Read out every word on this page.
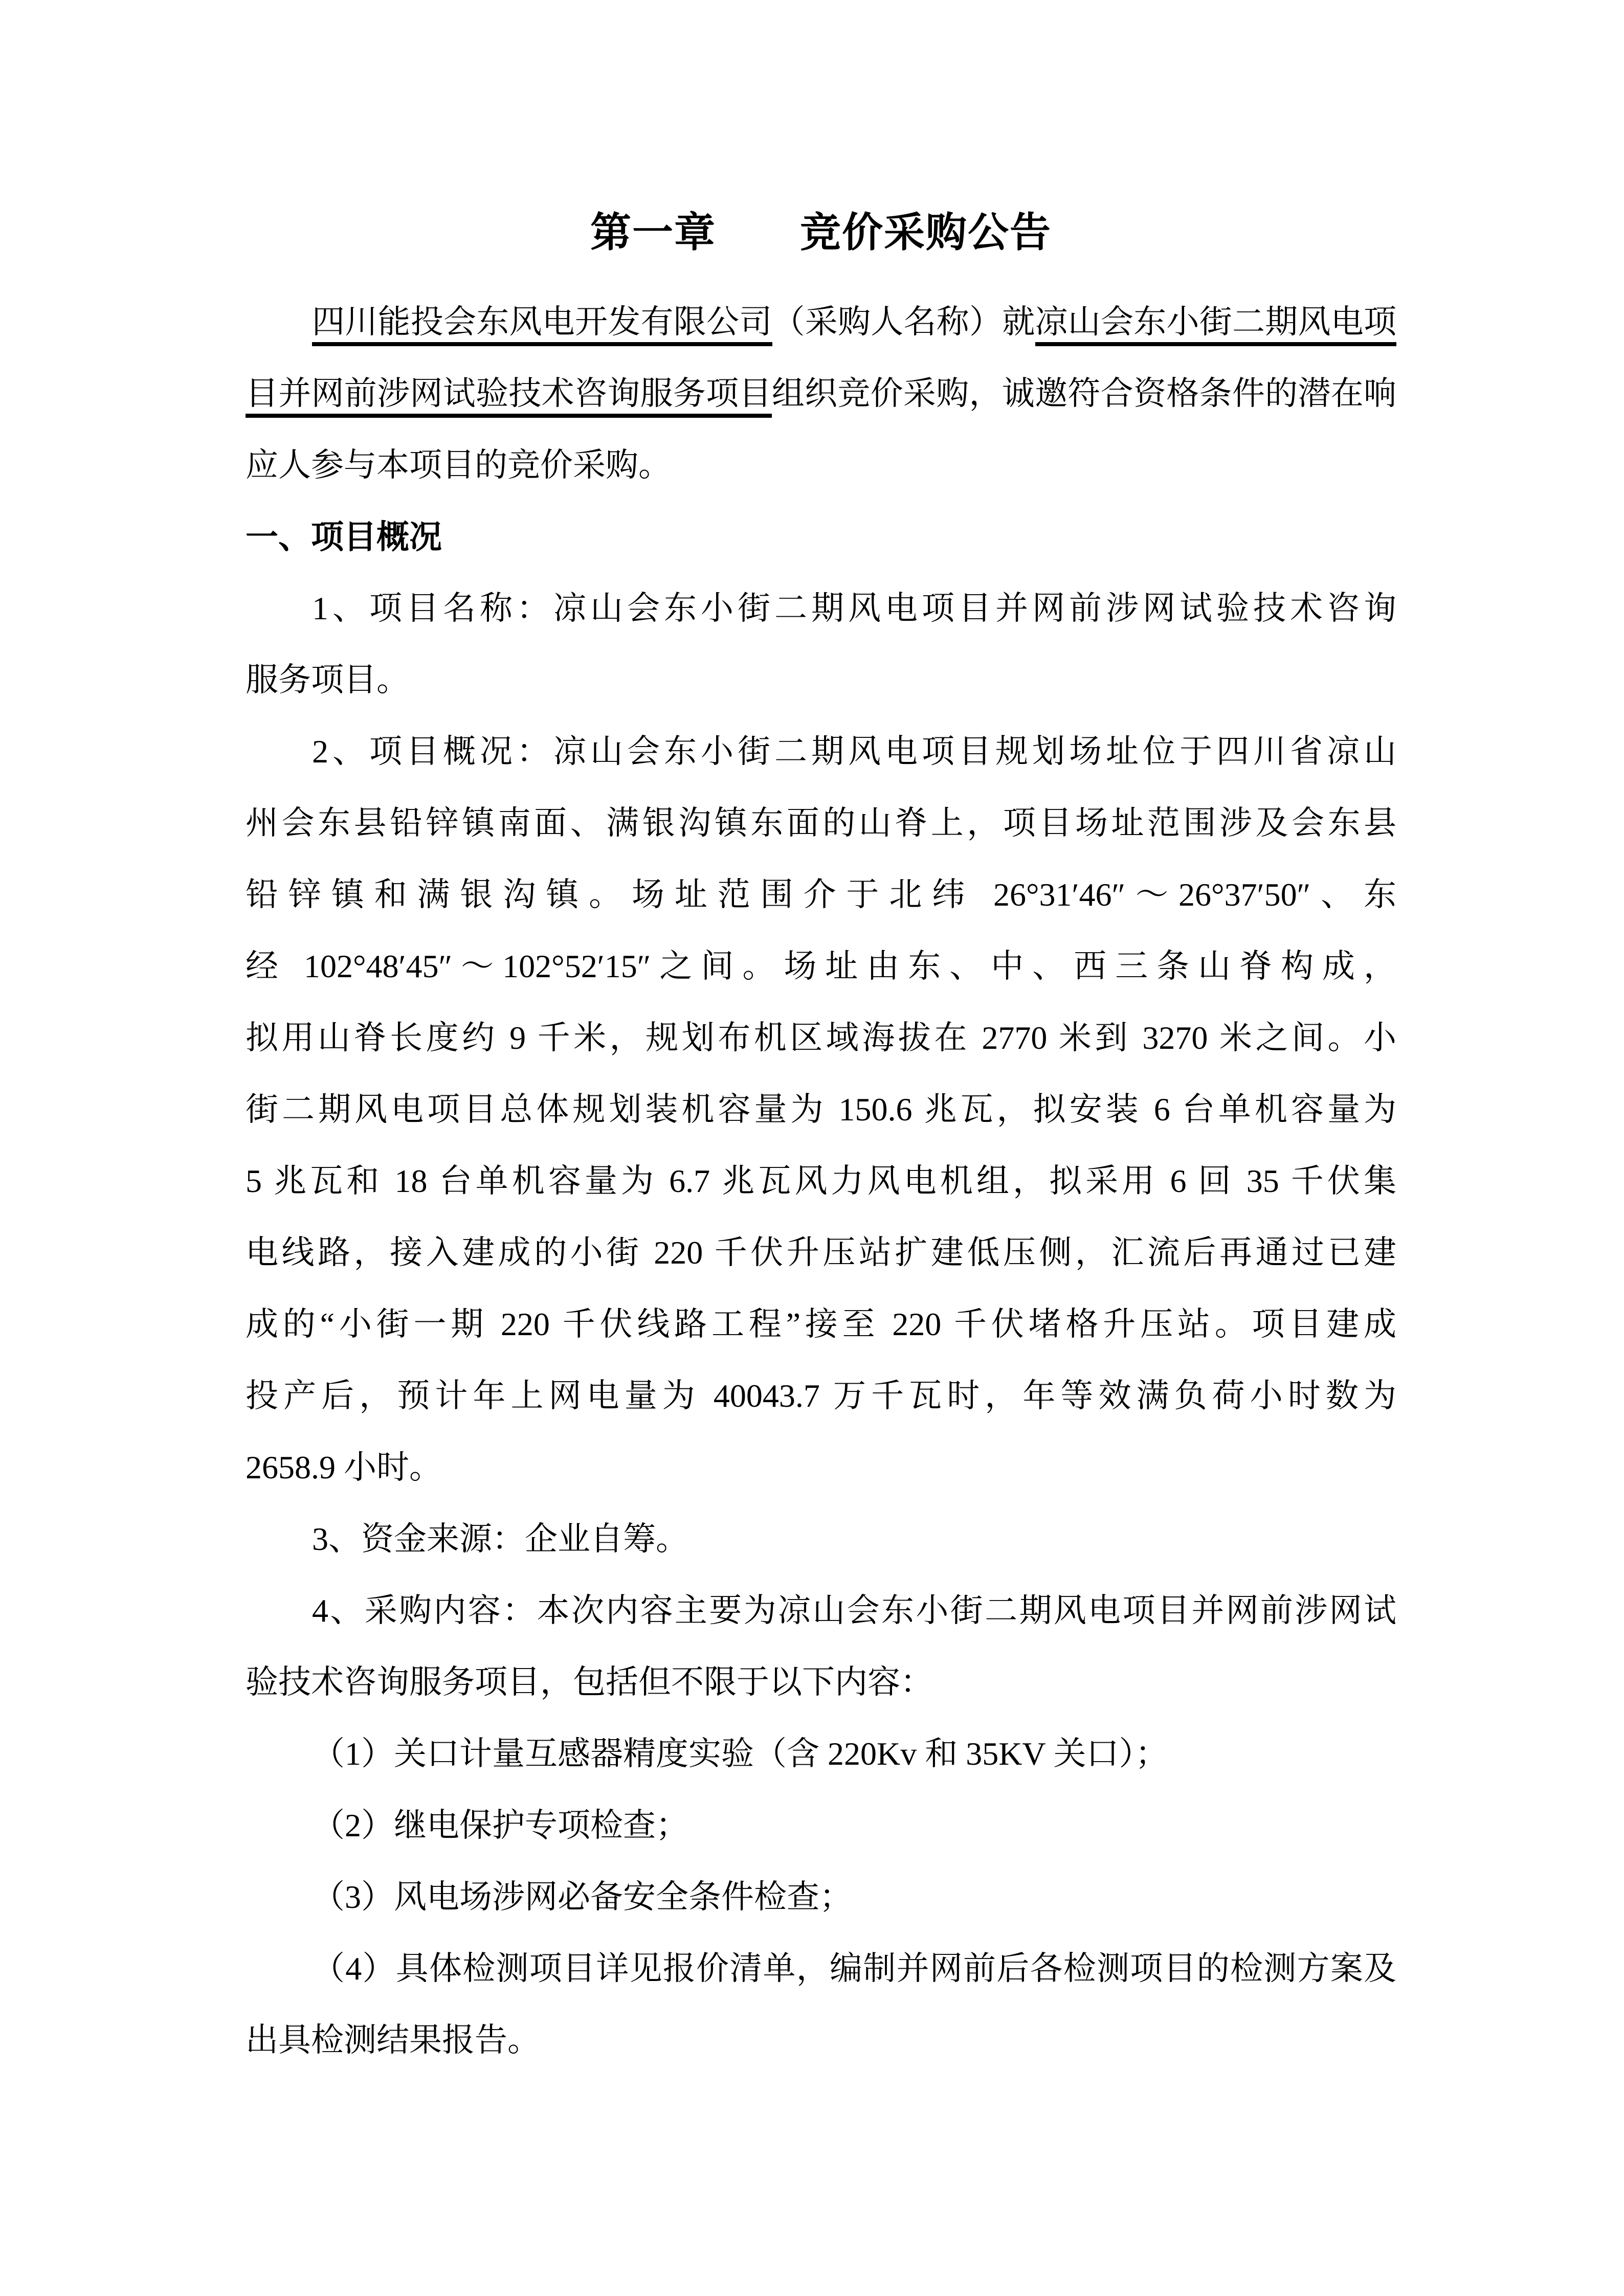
第一章　　竞价采购公告
四川能投会东风电开发有限公司（采购人名称）就凉山会东小街二期风电项
目并网前涉网试验技术咨询服务项目组织竞价采购，诚邀符合资格条件的潜在响
应人参与本项目的竞价采购。
一、项目概况
1、项目名称：凉山会东小街二期风电项目并网前涉网试验技术咨询
服务项目。
2、项目概况：凉山会东小街二期风电项目规划场址位于四川省凉山
州会东县铅锌镇南面、满银沟镇东面的山脊上，项目场址范围涉及会东县
铅锌镇和满银沟镇。场址范围介于北纬 26°31′46″～26°37′50″、东
经 102°48′45″～102°52′15″之间。场址由东、中、西三条山脊构成，
拟用山脊长度约 9 千米，规划布机区域海拔在 2770 米到 3270 米之间。小
街二期风电项目总体规划装机容量为 150.6 兆瓦，拟安装 6 台单机容量为
5 兆瓦和 18 台单机容量为 6.7 兆瓦风力风电机组，拟采用 6 回 35 千伏集
电线路，接入建成的小街 220 千伏升压站扩建低压侧，汇流后再通过已建
成的“小街一期 220 千伏线路工程”接至 220 千伏堵格升压站。项目建成
投产后，预计年上网电量为 40043.7 万千瓦时，年等效满负荷小时数为
2658.9 小时。
3、资金来源：企业自筹。
4、采购内容：本次内容主要为凉山会东小街二期风电项目并网前涉网试
验技术咨询服务项目，包括但不限于以下内容：
（1）关口计量互感器精度实验（含 220Kv 和 35KV 关口）；
（2）继电保护专项检查；
（3）风电场涉网必备安全条件检查；
（4）具体检测项目详见报价清单，编制并网前后各检测项目的检测方案及
出具检测结果报告。
